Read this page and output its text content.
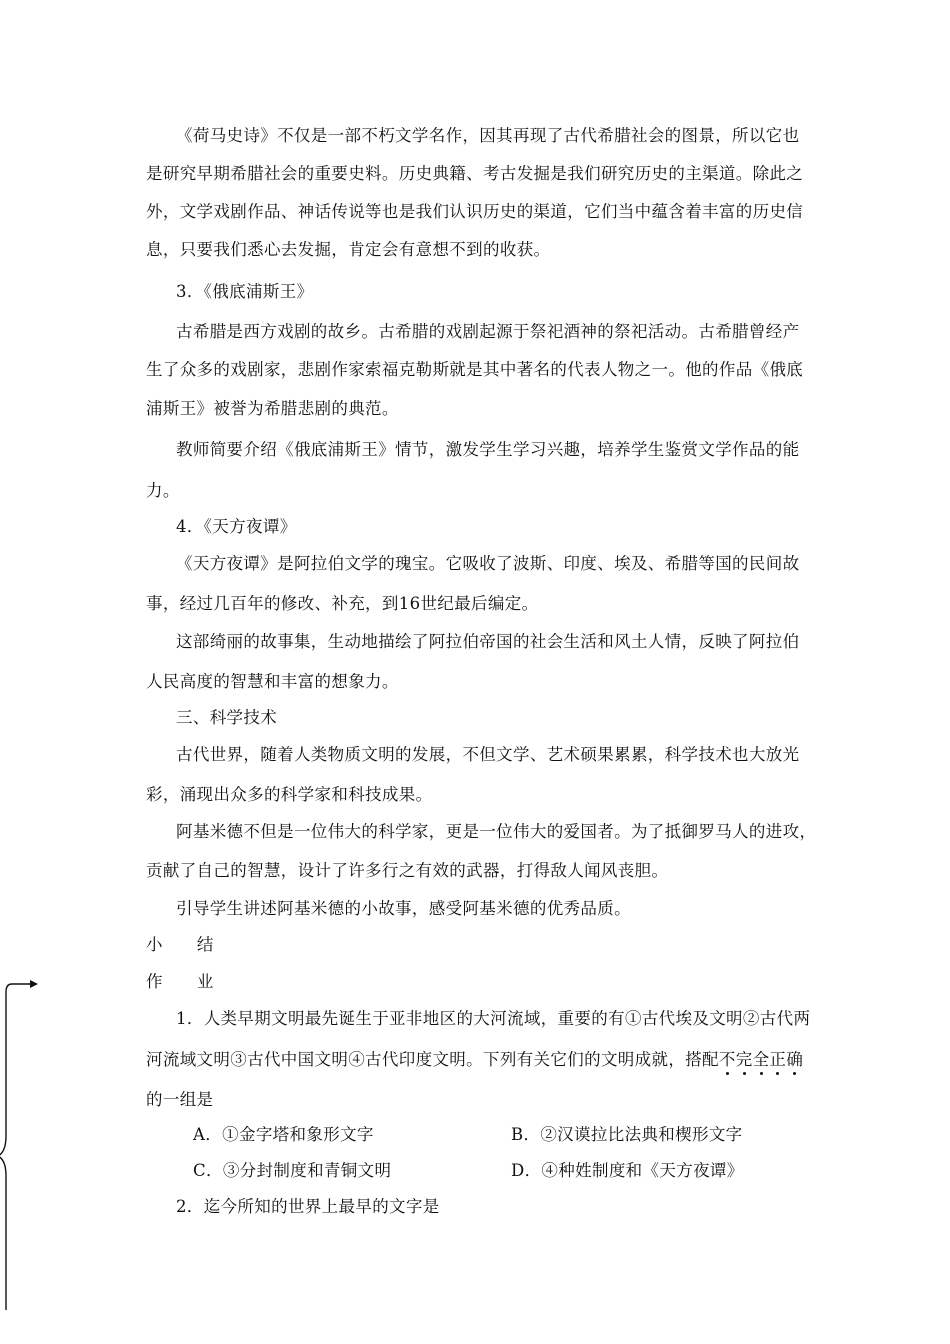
《荷马史诗》不仅是一部不朽文学名作，因其再现了古代希腊社会的图景，所以它也
是研究早期希腊社会的重要史料。历史典籍、考古发掘是我们研究历史的主渠道。除此之
外，文学戏剧作品、神话传说等也是我们认识历史的渠道，它们当中蕴含着丰富的历史信
息，只要我们悉心去发掘，肯定会有意想不到的收获。
3．《俄底浦斯王》
古希腊是西方戏剧的故乡。古希腊的戏剧起源于祭祀酒神的祭祀活动。古希腊曾经产
生了众多的戏剧家，悲剧作家索福克勒斯就是其中著名的代表人物之一。他的作品《俄底
浦斯王》被誉为希腊悲剧的典范。
教师简要介绍《俄底浦斯王》情节，激发学生学习兴趣，培养学生鉴赏文学作品的能
力。
4．《天方夜谭》
《天方夜谭》是阿拉伯文学的瑰宝。它吸收了波斯、印度、埃及、希腊等国的民间故
事，经过几百年的修改、补充，到16世纪最后编定。
这部绮丽的故事集，生动地描绘了阿拉伯帝国的社会生活和风土人情，反映了阿拉伯
人民高度的智慧和丰富的想象力。
三、科学技术
古代世界，随着人类物质文明的发展，不但文学、艺术硕果累累，科学技术也大放光
彩，涌现出众多的科学家和科技成果。
阿基米德不但是一位伟大的科学家，更是一位伟大的爱国者。为了抵御罗马人的进攻，
贡献了自己的智慧，设计了许多行之有效的武器，打得敌人闻风丧胆。
引导学生讲述阿基米德的小故事，感受阿基米德的优秀品质。
小 结
作 业
1．人类早期文明最先诞生于亚非地区的大河流域，重要的有①古代埃及文明②古代两
河流域文明③古代中国文明④古代印度文明。下列有关它们的文明成就，搭配不完全正确
的一组是
A．①金字塔和象形文字	B．②汉谟拉比法典和楔形文字
C．③分封制度和青铜文明	D．④种姓制度和《天方夜谭》
2．迄今所知的世界上最早的文字是
